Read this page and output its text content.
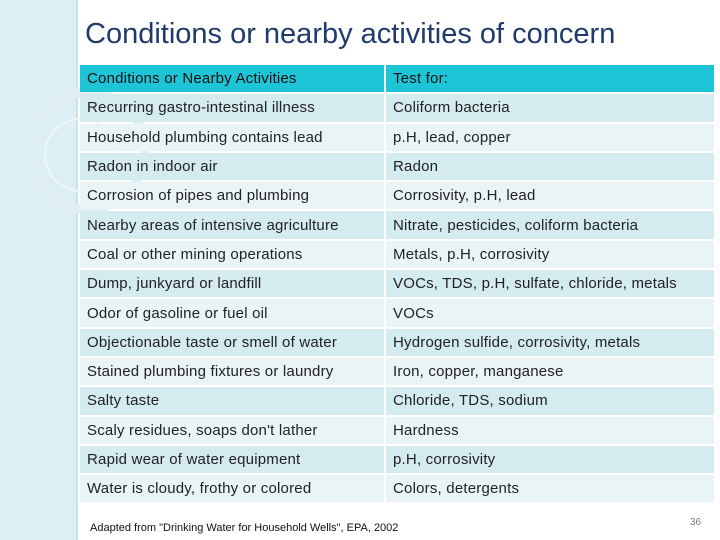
Conditions or nearby activities of concern
Conditions or Nearby Activities	Test for:
Recurring gastro-intestinal illness	Coliform bacteria
Household plumbing contains lead	p.H, lead, copper
Radon in indoor air	Radon
Corrosion of pipes and plumbing	Corrosivity, p.H, lead
Nearby areas of intensive agriculture	Nitrate, pesticides, coliform bacteria
Coal or other mining operations	Metals, p.H, corrosivity
Dump, junkyard or landfill	VOCs, TDS, p.H, sulfate, chloride, metals
Odor of gasoline or fuel oil	VOCs
Objectionable taste or smell of water	Hydrogen sulfide, corrosivity, metals
Stained plumbing fixtures or laundry	Iron, copper, manganese
Salty taste	Chloride, TDS, sodium
Scaly residues, soaps don't lather	Hardness
Rapid wear of water equipment	p.H, corrosivity
Water is cloudy, frothy or colored	Colors, detergents
Adapted from "Drinking Water for Household Wells", EPA, 2002	36
